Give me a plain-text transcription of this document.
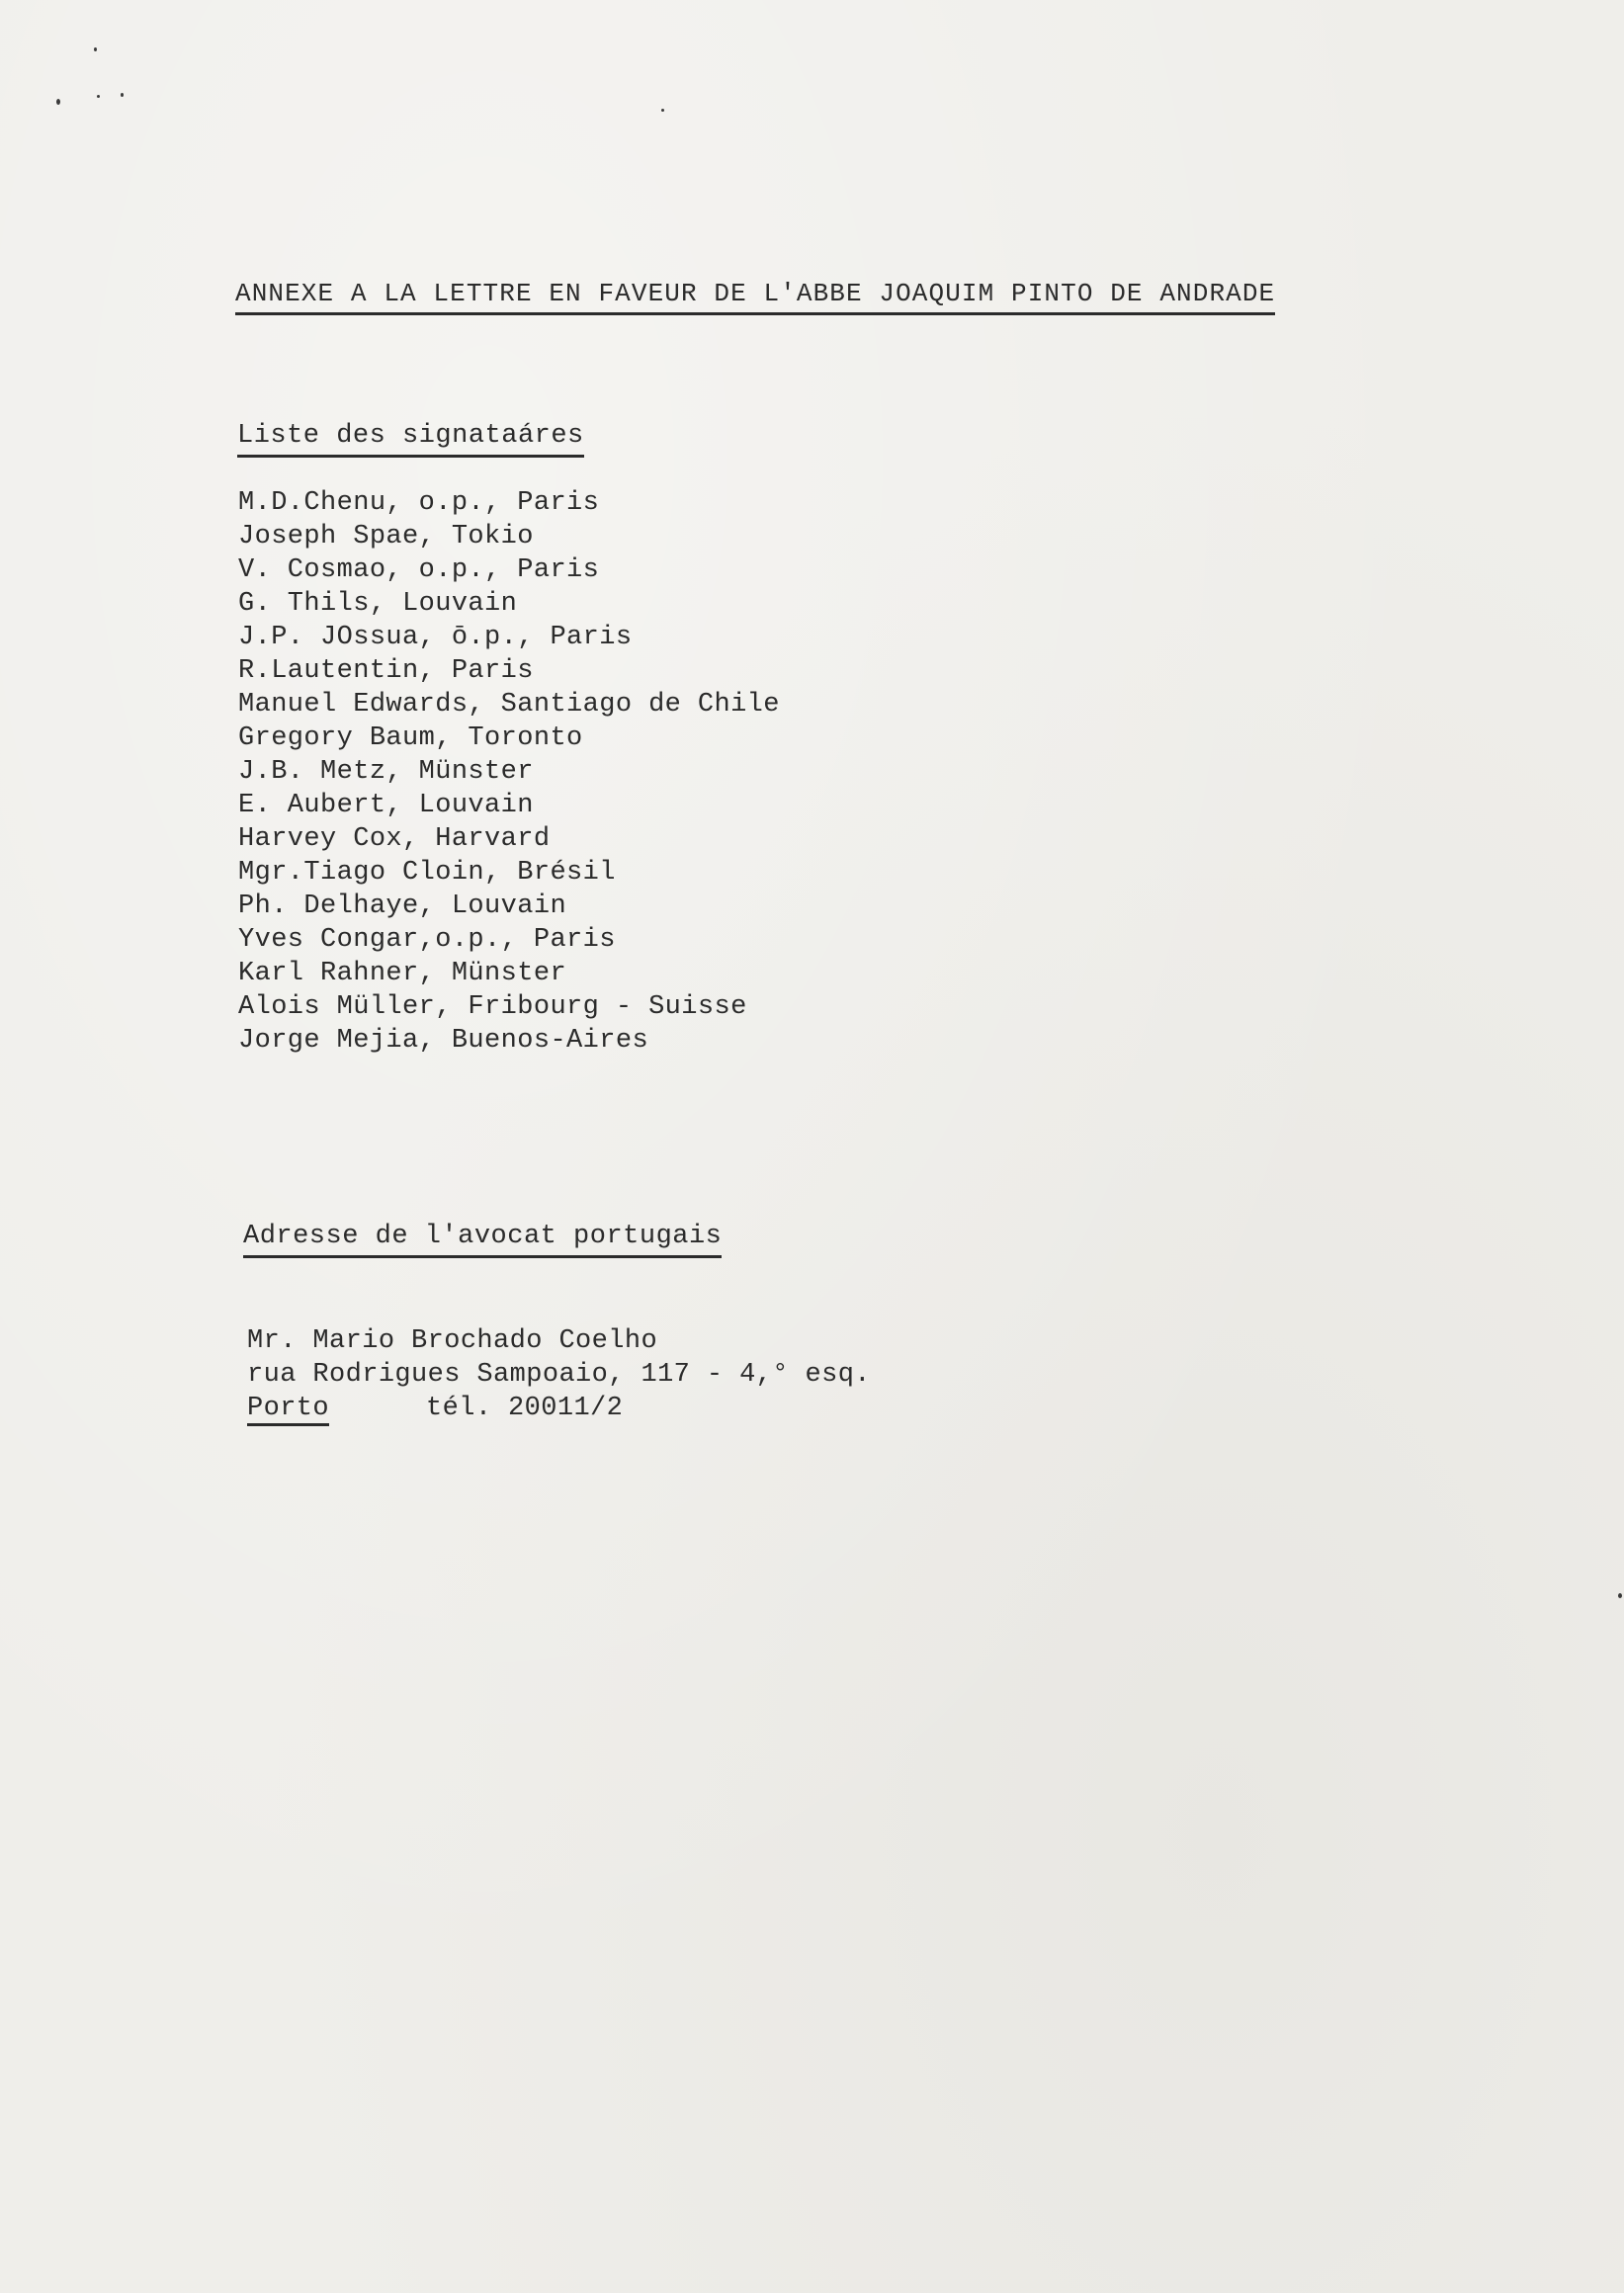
ANNEXE A LA LETTRE EN FAVEUR DE L'ABBE JOAQUIM PINTO DE ANDRADE
Liste des signataáres
M.D.Chenu, o.p., Paris
Joseph Spae, Tokio
V. Cosmao, o.p., Paris
G. Thils, Louvain
J.P. JOssua, ō.p., Paris
R.Lautentin, Paris
Manuel Edwards, Santiago de Chile
Gregory Baum, Toronto
J.B. Metz, Münster
E. Aubert, Louvain
Harvey Cox, Harvard
Mgr.Tiago Cloin, Brésil
Ph. Delhaye, Louvain
Yves Congar,o.p., Paris
Karl Rahner, Münster
Alois Müller, Fribourg - Suisse
Jorge Mejia, Buenos-Aires
Adresse de l'avocat portugais
Mr. Mario Brochado Coelho
rua Rodrigues Sampoaio, 117 - 4,° esq.
Porto	tél. 20011/2
